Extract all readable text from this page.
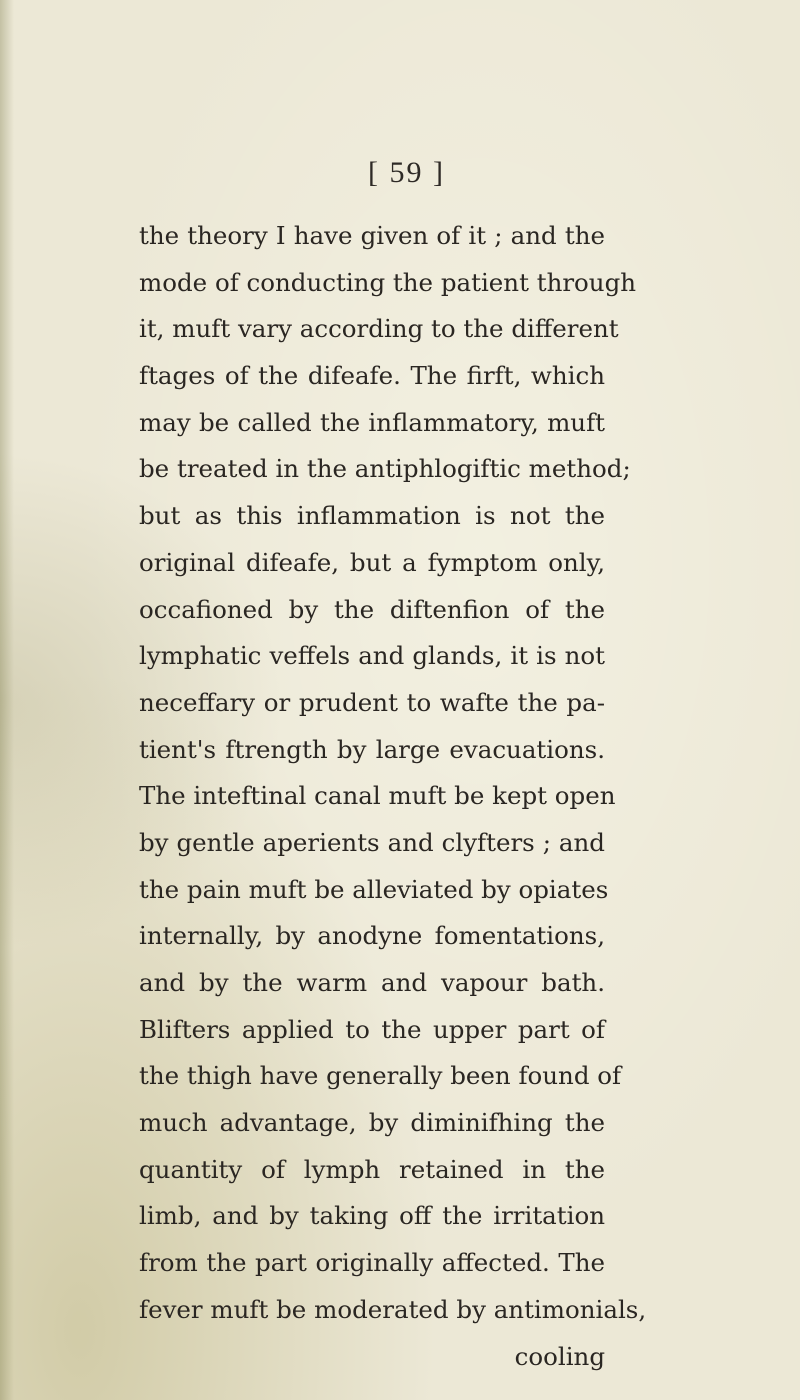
[ 59 ]
the theory I have given of it ; and the
mode of conducting the patient through
it, muft vary according to the different
ftages of the difeafe. The firft, which
may be called the inflammatory, muft
be treated in the antiphlogiftic method;
but as this inflammation is not the
original difeafe, but a fymptom only,
occafioned by the diftenfion of the
lymphatic veffels and glands, it is not
neceffary or prudent to wafte the pa-
tient's ftrength by large evacuations.
The inteftinal canal muft be kept open
by gentle aperients and clyfters ; and
the pain muft be alleviated by opiates
internally, by anodyne fomentations,
and by the warm and vapour bath.
Blifters applied to the upper part of
the thigh have generally been found of
much advantage, by diminifhing the
quantity of lymph retained in the
limb, and by taking off the irritation
from the part originally affected. The
fever muft be moderated by antimonials,
cooling
